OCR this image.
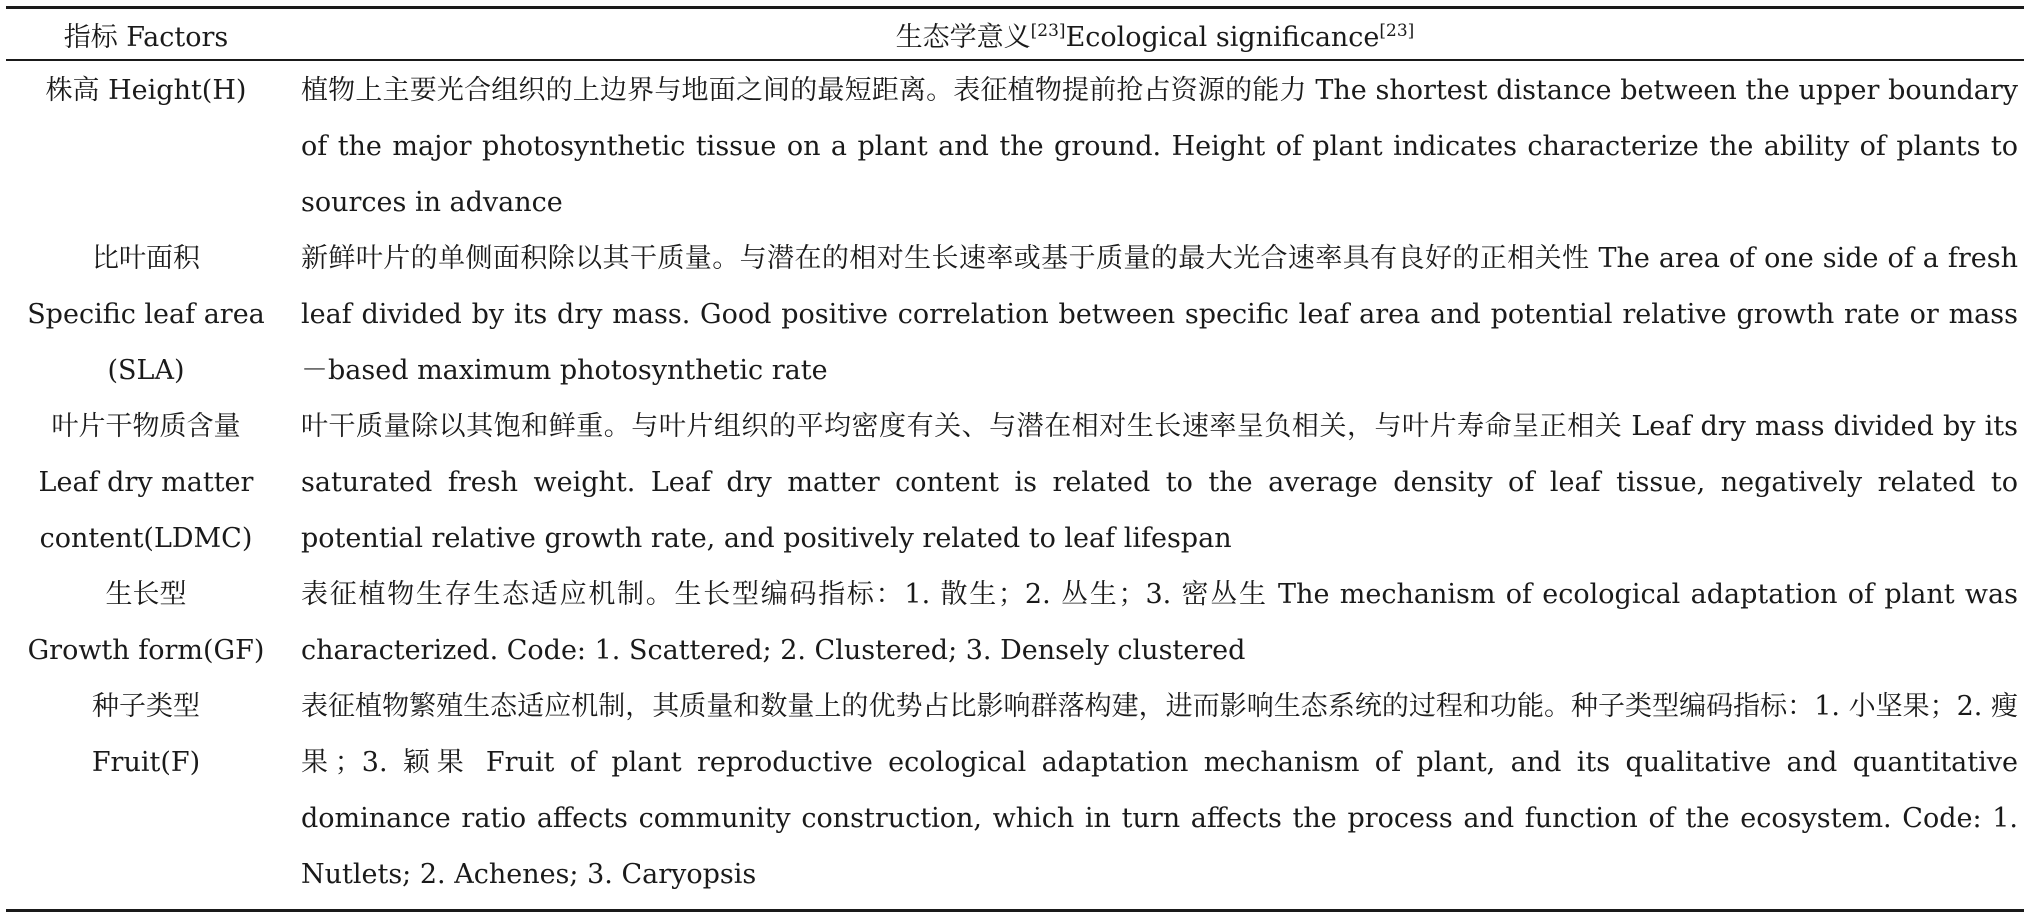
指标 Factors	生态学意义[23]Ecological significance[23]
株高 Height(H)	植物上主要光合组织的上边界与地面之间的最短距离。表征植物提前抢占资源的能力 The shortest distance between the upper boundary of the major photosynthetic tissue on a plant and the ground. Height of plant indicates characterize the ability of plants to sources in advance
比叶面积
Specific leaf area
(SLA)
新鲜叶片的单侧面积除以其干质量。与潜在的相对生长速率或基于质量的最大光合速率具有良好的正相关性 The area of one side of a fresh leaf divided by its dry mass. Good positive correlation between specific leaf area and potential relative growth rate or mass－based maximum photosynthetic rate
叶片干物质含量
Leaf dry matter
content(LDMC)
叶干质量除以其饱和鲜重。与叶片组织的平均密度有关、与潜在相对生长速率呈负相关，与叶片寿命呈正相关 Leaf dry mass divided by its saturated fresh weight. Leaf dry matter content is related to the average density of leaf tissue, negatively related to potential relative growth rate, and positively related to leaf lifespan
生长型
Growth form(GF)
表征植物生存生态适应机制。生长型编码指标：1. 散生；2. 丛生；3. 密丛生 The mechanism of ecological adaptation of plant was characterized. Code: 1. Scattered; 2. Clustered; 3. Densely clustered
种子类型
Fruit(F)
表征植物繁殖生态适应机制，其质量和数量上的优势占比影响群落构建，进而影响生态系统的过程和功能。种子类型编码指标：1. 小坚果；2. 瘦果；3. 颖果 Fruit of plant reproductive ecological adaptation mechanism of plant, and its qualitative and quantitative dominance ratio affects community construction, which in turn affects the process and function of the ecosystem. Code: 1. Nutlets; 2. Achenes; 3. Caryopsis
